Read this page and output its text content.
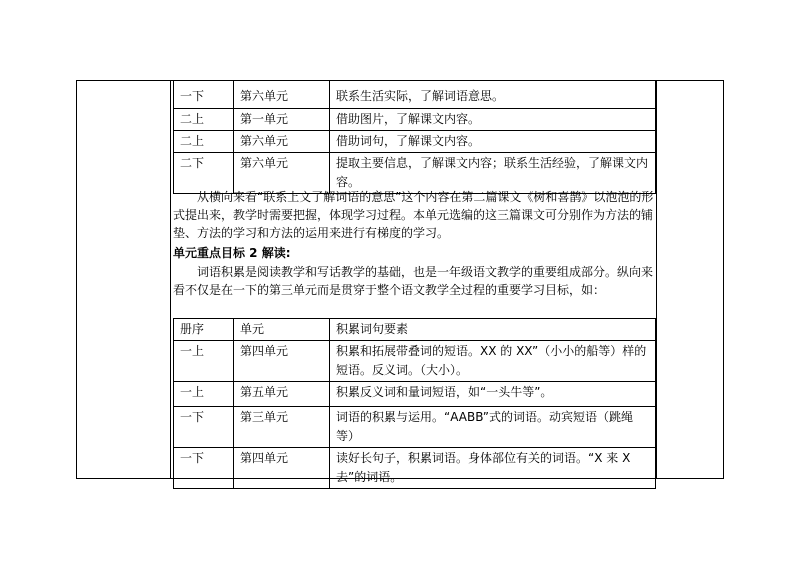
一下	第六单元	联系生活实际，了解词语意思。
二上	第一单元	借助图片，了解课文内容。
二上	第六单元	借助词句，了解课文内容。
二下	第六单元	提取主要信息，了解课文内容；联系生活经验，了解课文内容。
从横向来看“联系上文了解词语的意思”这个内容在第二篇课文《树和喜鹊》以泡泡的形式提出来，教学时需要把握，体现学习过程。本单元选编的这三篇课文可分别作为方法的铺垫、方法的学习和方法的运用来进行有梯度的学习。
单元重点目标 2 解读:
词语积累是阅读教学和写话教学的基础，也是一年级语文教学的重要组成部分。纵向来看不仅是在一下的第三单元而是贯穿于整个语文教学全过程的重要学习目标，如：
册序	单元	积累词句要素
一上	第四单元	积累和拓展带叠词的短语。XX 的 XX”（小小的船等）样的短语。反义词。（大小）。
一上	第五单元	积累反义词和量词短语，如“一头牛等”。
一下	第三单元	词语的积累与运用。“AABB”式的词语。动宾短语（跳绳等）
一下	第四单元	读好长句子，积累词语。身体部位有关的词语。“X 来 X 去”的词语。
